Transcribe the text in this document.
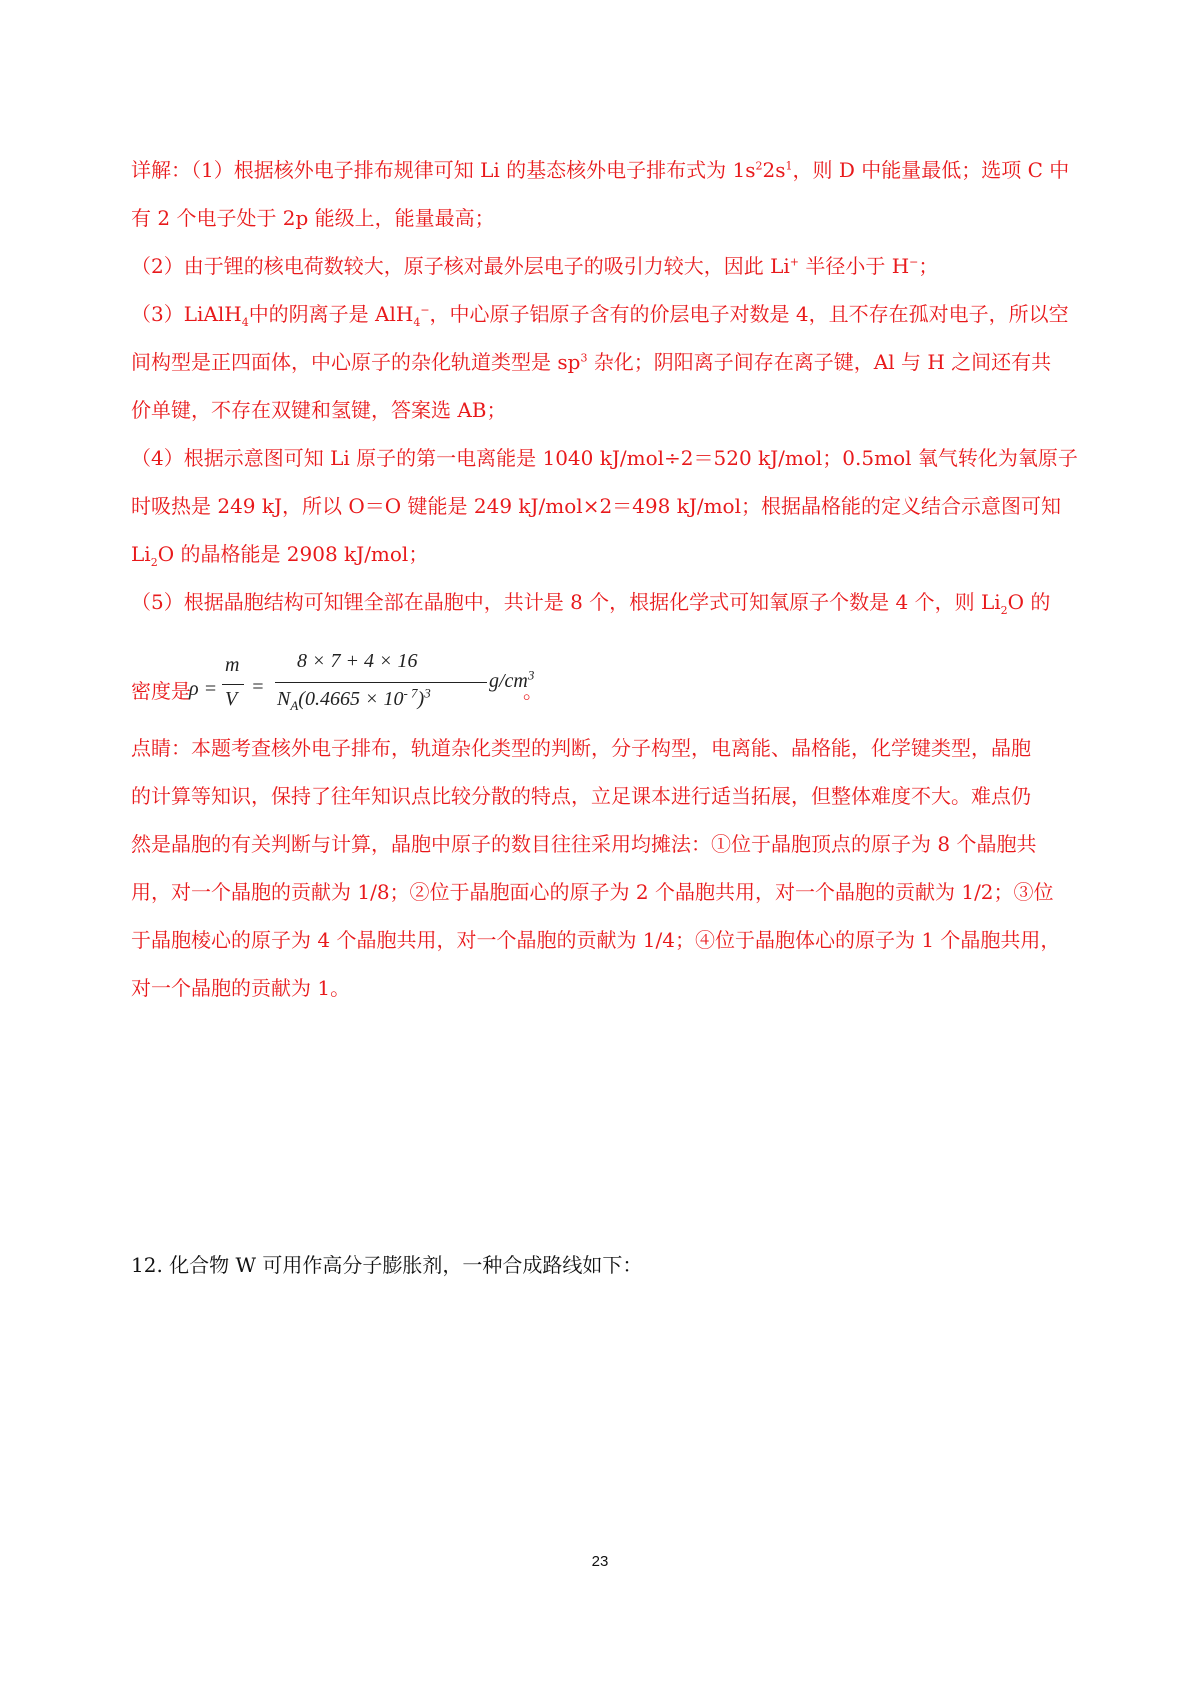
详解：（1）根据核外电子排布规律可知 Li 的基态核外电子排布式为 $1s^22s^1$，则 D 中能量最低；选项 C 中
有 2 个电子处于 2p 能级上，能量最高；
（2）由于锂的核电荷数较大，原子核对最外层电子的吸引力较大，因此 Li+ 半径小于 H−；
（3）LiAlH$_4$中的阴离子是 AlH$_4$−，中心原子铝原子含有的价层电子对数是 4，且不存在孤对电子，所以空
间构型是正四面体，中心原子的杂化轨道类型是 $sp^3$ 杂化；阴阳离子间存在离子键，Al 与 H 之间还有共
价单键，不存在双键和氢键，答案选 AB；
（4）根据示意图可知 Li 原子的第一电离能是 1040 kJ/mol÷2＝520 kJ/mol；0.5mol 氧气转化为氧原子
时吸热是 249 kJ，所以 O＝O 键能是 249 kJ/mol×2＝498 kJ/mol；根据晶格能的定义结合示意图可知
$Li_2O$ 的晶格能是 2908 kJ/mol；
（5）根据晶胞结构可知锂全部在晶胞中，共计是 8 个，根据化学式可知氧原子个数是 4 个，则 $Li_2O$ 的
密度是
ρ =
m
V
=
8 × 7 + 4 × 16
$N_A(0.4665 \times 10^{- 7})^3$
$g/cm^3$
。
点睛：本题考查核外电子排布，轨道杂化类型的判断，分子构型，电离能、晶格能，化学键类型，晶胞
的计算等知识，保持了往年知识点比较分散的特点，立足课本进行适当拓展，但整体难度不大。难点仍
然是晶胞的有关判断与计算，晶胞中原子的数目往往采用均摊法：①位于晶胞顶点的原子为 8 个晶胞共
用，对一个晶胞的贡献为 1/8；②位于晶胞面心的原子为 2 个晶胞共用，对一个晶胞的贡献为 1/2；③位
于晶胞棱心的原子为 4 个晶胞共用，对一个晶胞的贡献为 1/4；④位于晶胞体心的原子为 1 个晶胞共用，
对一个晶胞的贡献为 1。
12. 化合物 W 可用作高分子膨胀剂，一种合成路线如下：
23
